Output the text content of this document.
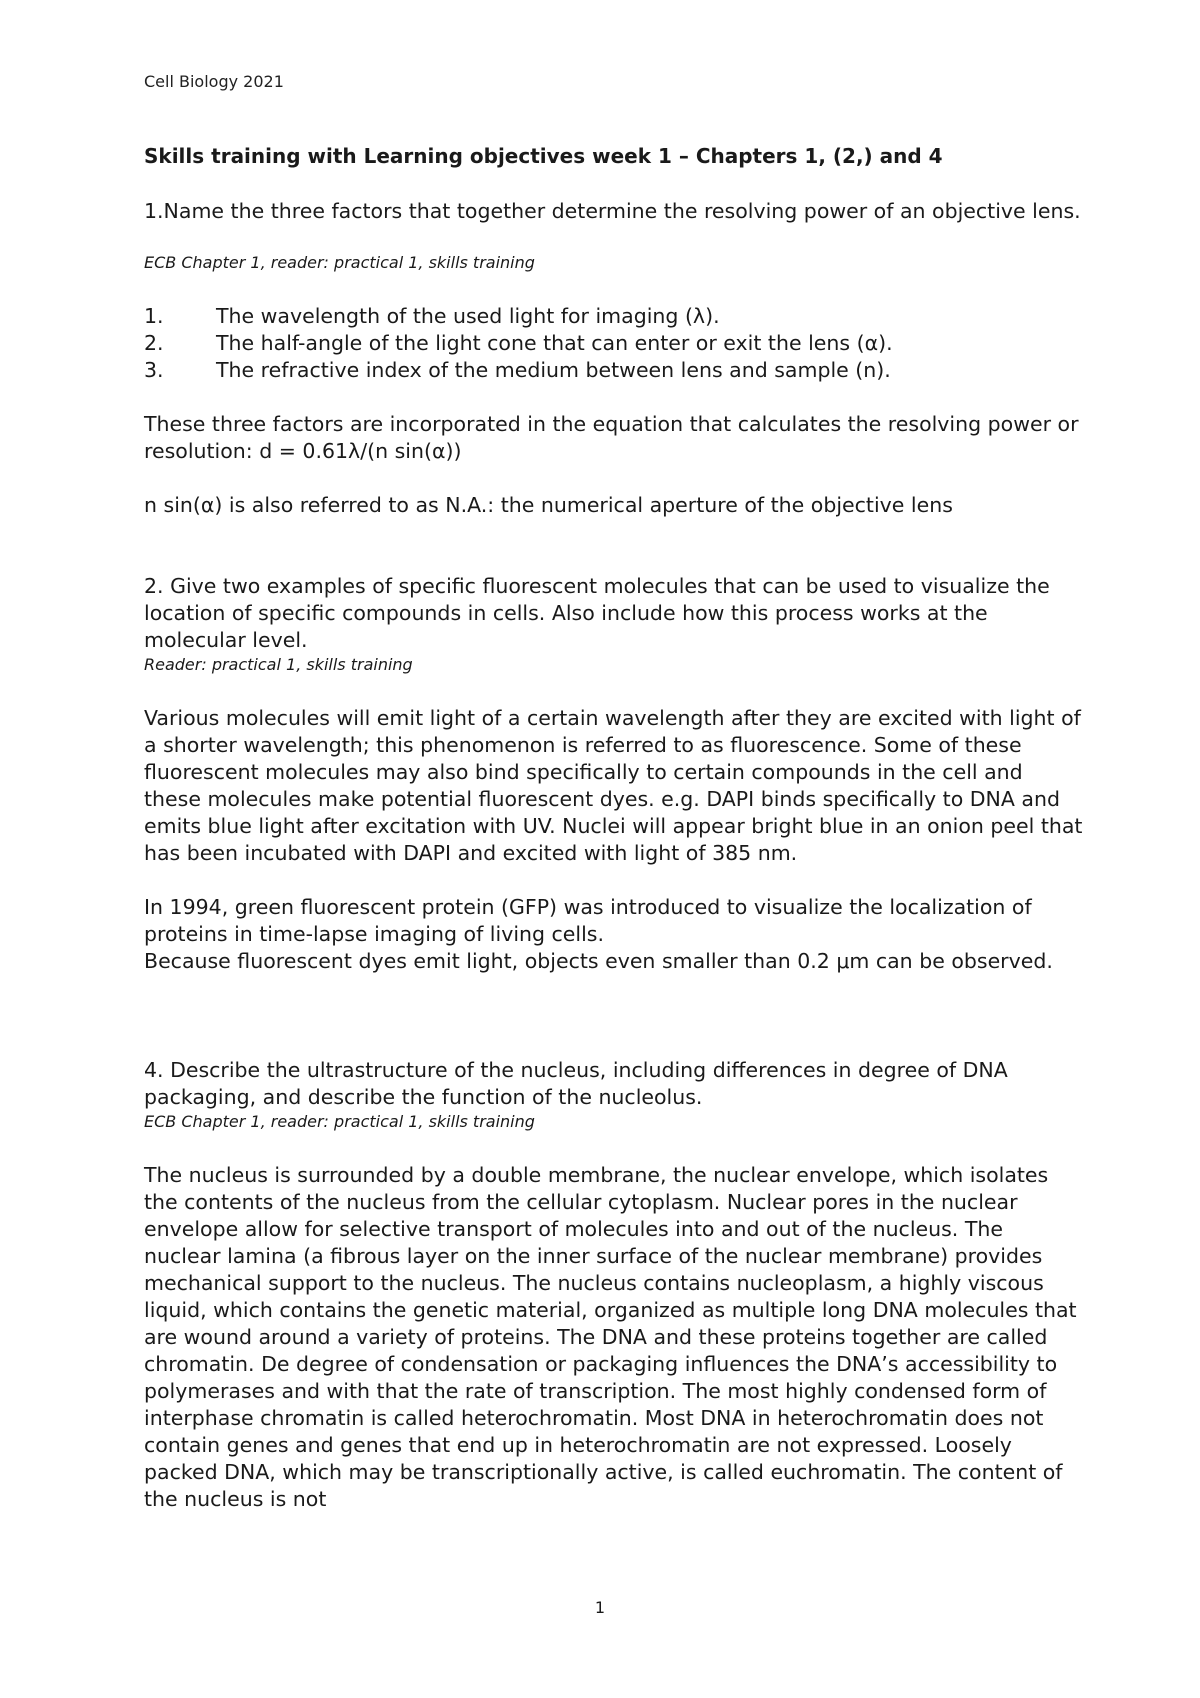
Cell Biology 2021
Skills training with Learning objectives week 1 – Chapters 1, (2,) and 4

1.Name the three factors that together determine the resolving power of an objective lens.

ECB Chapter 1, reader: practical 1, skills training
1.	The wavelength of the used light for imaging (λ).
2.	The half-angle of the light cone that can enter or exit the lens (α).
3.	The refractive index of the medium between lens and sample (n).

These three factors are incorporated in the equation that calculates the resolving power or resolution: d = 0.61λ/(n sin(α))

n sin(α) is also referred to as N.A.: the numerical aperture of the objective lens

2. Give two examples of specific fluorescent molecules that can be used to visualize the location of specific compounds in cells. Also include how this process works at the molecular level.

Reader: practical 1, skills training

Various molecules will emit light of a certain wavelength after they are excited with light of a shorter wavelength; this phenomenon is referred to as fluorescence. Some of these fluorescent molecules may also bind specifically to certain compounds in the cell and these molecules make potential fluorescent dyes. e.g. DAPI binds specifically to DNA and emits blue light after excitation with UV. Nuclei will appear bright blue in an onion peel that has been incubated with DAPI and excited with light of 385 nm.

In 1994, green fluorescent protein (GFP) was introduced to visualize the localization of proteins in time-lapse imaging of living cells.

Because fluorescent dyes emit light, objects even smaller than 0.2 μm can be observed.

4. Describe the ultrastructure of the nucleus, including differences in degree of DNA packaging, and describe the function of the nucleolus.

ECB Chapter 1, reader: practical 1, skills training

The nucleus is surrounded by a double membrane, the nuclear envelope, which isolates the contents of the nucleus from the cellular cytoplasm. Nuclear pores in the nuclear envelope allow for selective transport of molecules into and out of the nucleus. The nuclear lamina (a fibrous layer on the inner surface of the nuclear membrane) provides mechanical support to the nucleus. The nucleus contains nucleoplasm, a highly viscous liquid, which contains the genetic material, organized as multiple long DNA molecules that are wound around a variety of proteins. The DNA and these proteins together are called chromatin. De degree of condensation or packaging influences the DNA’s accessibility to polymerases and with that the rate of transcription. The most highly condensed form of interphase chromatin is called heterochromatin. Most DNA in heterochromatin does not contain genes and genes that end up in heterochromatin are not expressed. Loosely packed DNA, which may be transcriptionally active, is called euchromatin. The content of the nucleus is not

1
